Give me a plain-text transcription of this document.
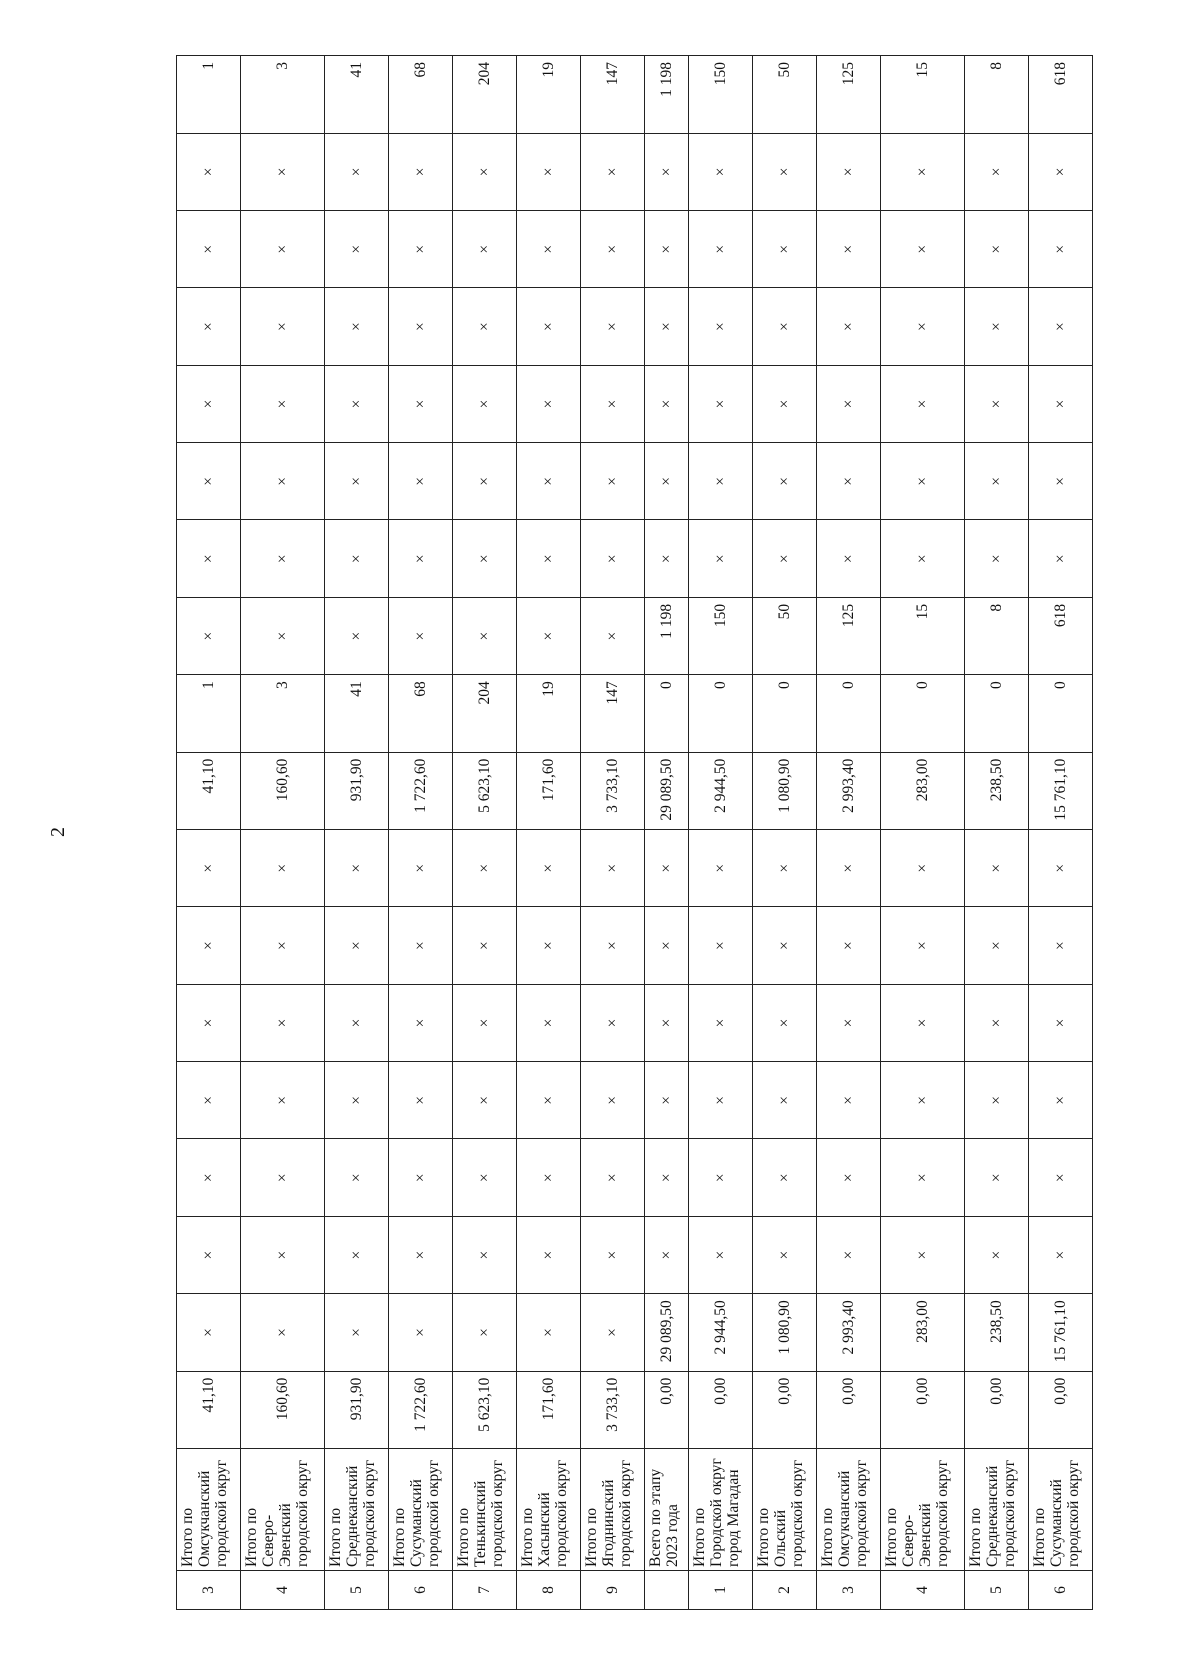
2
3	Итого по Омсукчанский городской округ	41,10	×	×	×	×	×	×	×	41,10	1	×	×	×	×	×	×	×	1
4	Итого по Северо-Эвенский городской округ	160,60	×	×	×	×	×	×	×	160,60	3	×	×	×	×	×	×	×	3
5	Итого по Среднеканский городской округ	931,90	×	×	×	×	×	×	×	931,90	41	×	×	×	×	×	×	×	41
6	Итого по Сусуманский городской округ	1 722,60	×	×	×	×	×	×	×	1 722,60	68	×	×	×	×	×	×	×	68
7	Итого по Тенькинский городской округ	5 623,10	×	×	×	×	×	×	×	5 623,10	204	×	×	×	×	×	×	×	204
8	Итого по Хасынский городской округ	171,60	×	×	×	×	×	×	×	171,60	19	×	×	×	×	×	×	×	19
9	Итого по Ягоднинский городской округ	3 733,10	×	×	×	×	×	×	×	3 733,10	147	×	×	×	×	×	×	×	147
	Всего по этапу 2023 года	0,00	29 089,50	×	×	×	×	×	×	29 089,50	0	1 198	×	×	×	×	×	×	1 198
1	Итого по Городской округ город Магадан	0,00	2 944,50	×	×	×	×	×	×	2 944,50	0	150	×	×	×	×	×	×	150
2	Итого по Ольский городской округ	0,00	1 080,90	×	×	×	×	×	×	1 080,90	0	50	×	×	×	×	×	×	50
3	Итого по Омсукчанский городской округ	0,00	2 993,40	×	×	×	×	×	×	2 993,40	0	125	×	×	×	×	×	×	125
4	Итого по Северо-Эвенский городской округ	0,00	283,00	×	×	×	×	×	×	283,00	0	15	×	×	×	×	×	×	15
5	Итого по Среднеканский городской округ	0,00	238,50	×	×	×	×	×	×	238,50	0	8	×	×	×	×	×	×	8
6	Итого по Сусуманский городской округ	0,00	15 761,10	×	×	×	×	×	×	15 761,10	0	618	×	×	×	×	×	×	618
